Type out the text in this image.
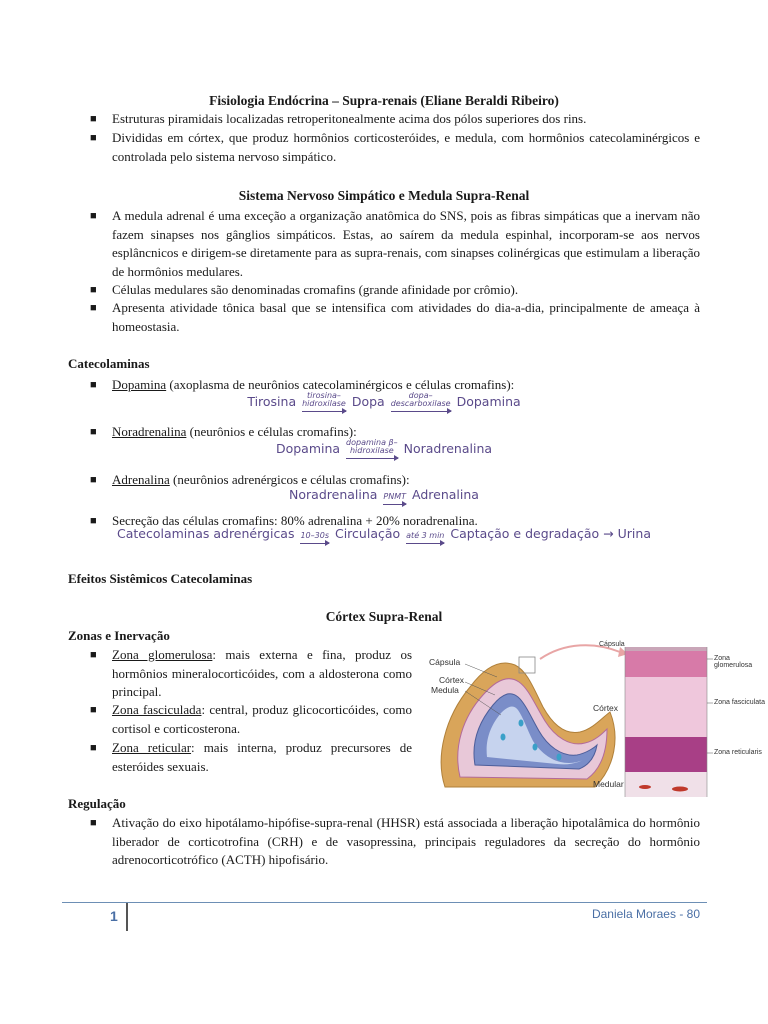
Fisiologia Endócrina – Supra-renais (Eliane Beraldi Ribeiro)
■ Estruturas piramidais localizadas retroperitonealmente acima dos pólos superiores dos rins.
■ Divididas em córtex, que produz hormônios corticosteróides, e medula, com hormônios catecolaminérgicos e controlada pelo sistema nervoso simpático.
Sistema Nervoso Simpático e Medula Supra-Renal
■ A medula adrenal é uma exceção a organização anatômica do SNS, pois as fibras simpáticas que a inervam não fazem sinapses nos gânglios simpáticos. Estas, ao saírem da medula espinhal, incorporam-se aos nervos esplâncnicos e dirigem-se diretamente para as supra-renais, com sinapses colinérgicas que estimulam a liberação de hormônios medulares.
■ Células medulares são denominadas cromafins (grande afinidade por crômio).
■ Apresenta atividade tônica basal que se intensifica com atividades do dia-a-dia, principalmente de ameaça à homeostasia.
Catecolaminas
■ Dopamina (axoplasma de neurônios catecolaminérgicos e células cromafins):
Tirosina	tirosina–
hidroxilase Dopa	dopa–
descarboxilase Dopamina
■ Noradrenalina (neurônios e células cromafins):
Dopamina dopamina β–
hidroxilase Noradrenalina
■ Adrenalina (neurônios adrenérgicos e células cromafins):
Noradrenalina PNMT Adrenalina
■ Secreção das células cromafins: 80% adrenalina + 20% noradrenalina.
Catecolaminas adrenérgicas 10–30s Circulação até 3 min Captação e degradação → Urina
Efeitos Sistêmicos Catecolaminas
Córtex Supra-Renal
Zonas e Inervação
■ Zona glomerulosa: mais externa e fina, produz os hormônios mineralocorticóides, com a aldosterona como principal.
■ Zona fasciculada: central, produz glicocorticóides, como cortisol e corticosterona.
■ Zona reticular: mais interna, produz precursores de esteróides sexuais.
Cápsula
Córtex
Medula
Cápsula
Córtex
Medular
Zona glomerulosa
Zona fasciculata
Zona reticularis
Regulação
■ Ativação do eixo hipotálamo-hipófise-supra-renal (HHSR) está associada a liberação hipotalâmica do hormônio liberador de corticotrofina (CRH) e de vasopressina, principais reguladores da secreção do hormônio adrenocorticotrófico (ACTH) hipofisário.
1	Daniela Moraes - 80
